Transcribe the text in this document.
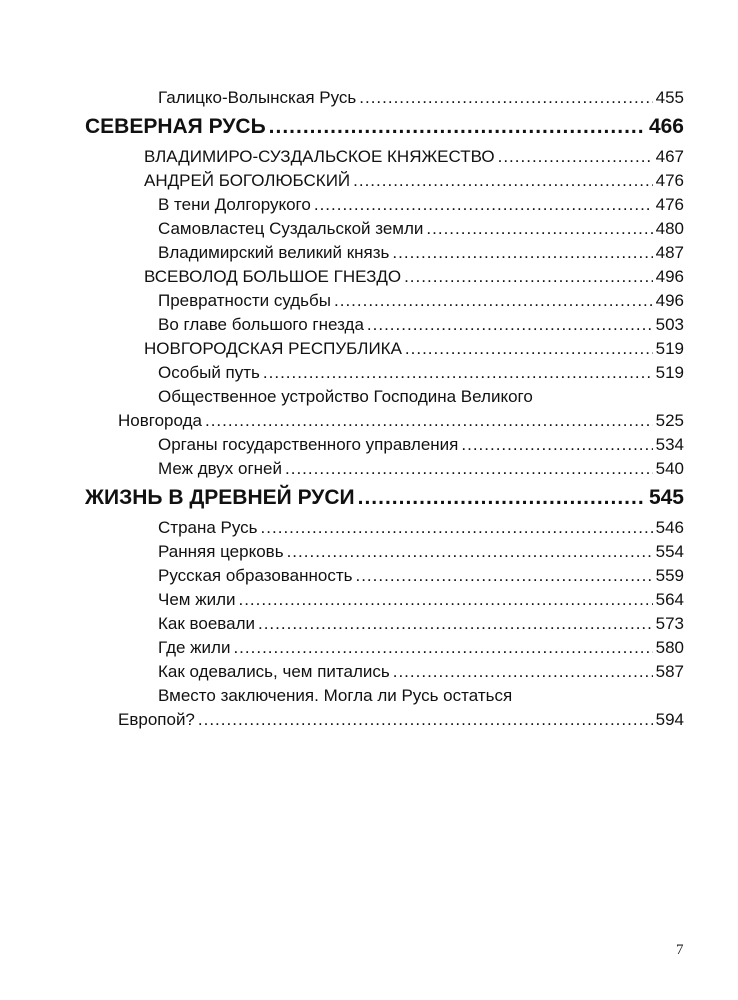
Галицко-Волынская Русь .....	455
СЕВЕРНАЯ РУСЬ .....	466
ВЛАДИМИРО-СУЗДАЛЬСКОЕ КНЯЖЕСТВО .....	467
АНДРЕЙ БОГОЛЮБСКИЙ .....	476
В тени Долгорукого .....	476
Самовластец Суздальской земли .....	480
Владимирский великий князь .....	487
ВСЕВОЛОД БОЛЬШОЕ ГНЕЗДО .....	496
Превратности судьбы .....	496
Во главе большого гнезда .....	503
НОВГОРОДСКАЯ РЕСПУБЛИКА .....	519
Особый путь .....	519
Общественное устройство Господина Великого
Новгорода .....	525
Органы государственного управления .....	534
Меж двух огней .....	540
ЖИЗНЬ В ДРЕВНЕЙ РУСИ .....	545
Страна Русь .....	546
Ранняя церковь .....	554
Русская образованность .....	559
Чем жили .....	564
Как воевали .....	573
Где жили .....	580
Как одевались, чем питались .....	587
Вместо заключения. Могла ли Русь остаться
Европой? .....	594
7
